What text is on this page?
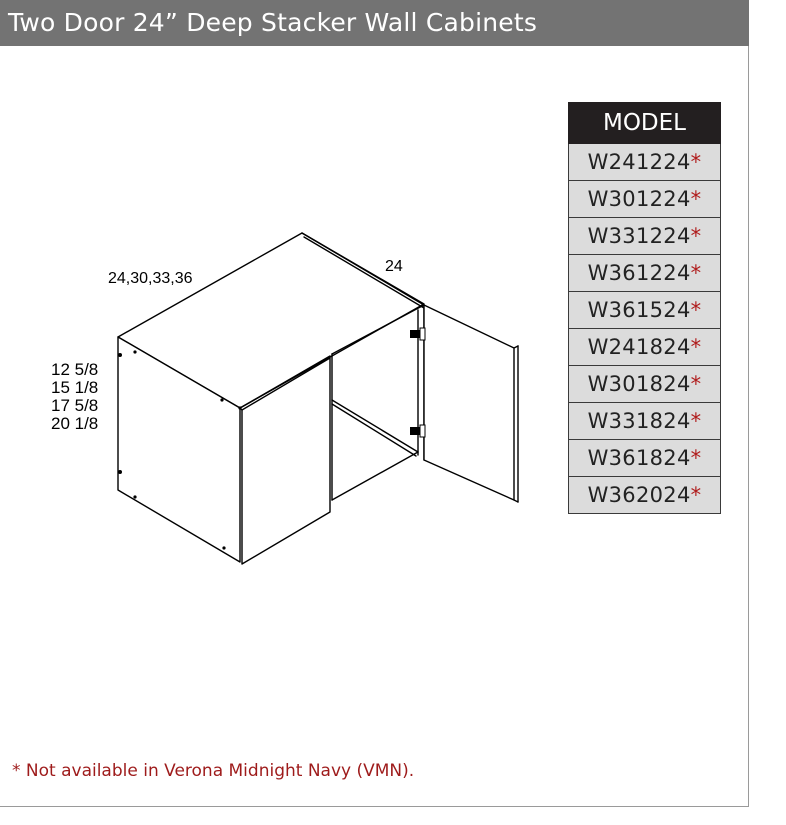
Two Door 24” Deep Stacker Wall Cabinets
24,30,33,36
24
12 5/8
15 1/8
17 5/8
20 1/8
MODEL
W241224*
W301224*
W331224*
W361224*
W361524*
W241824*
W301824*
W331824*
W361824*
W362024*
* Not available in Verona Midnight Navy (VMN).
